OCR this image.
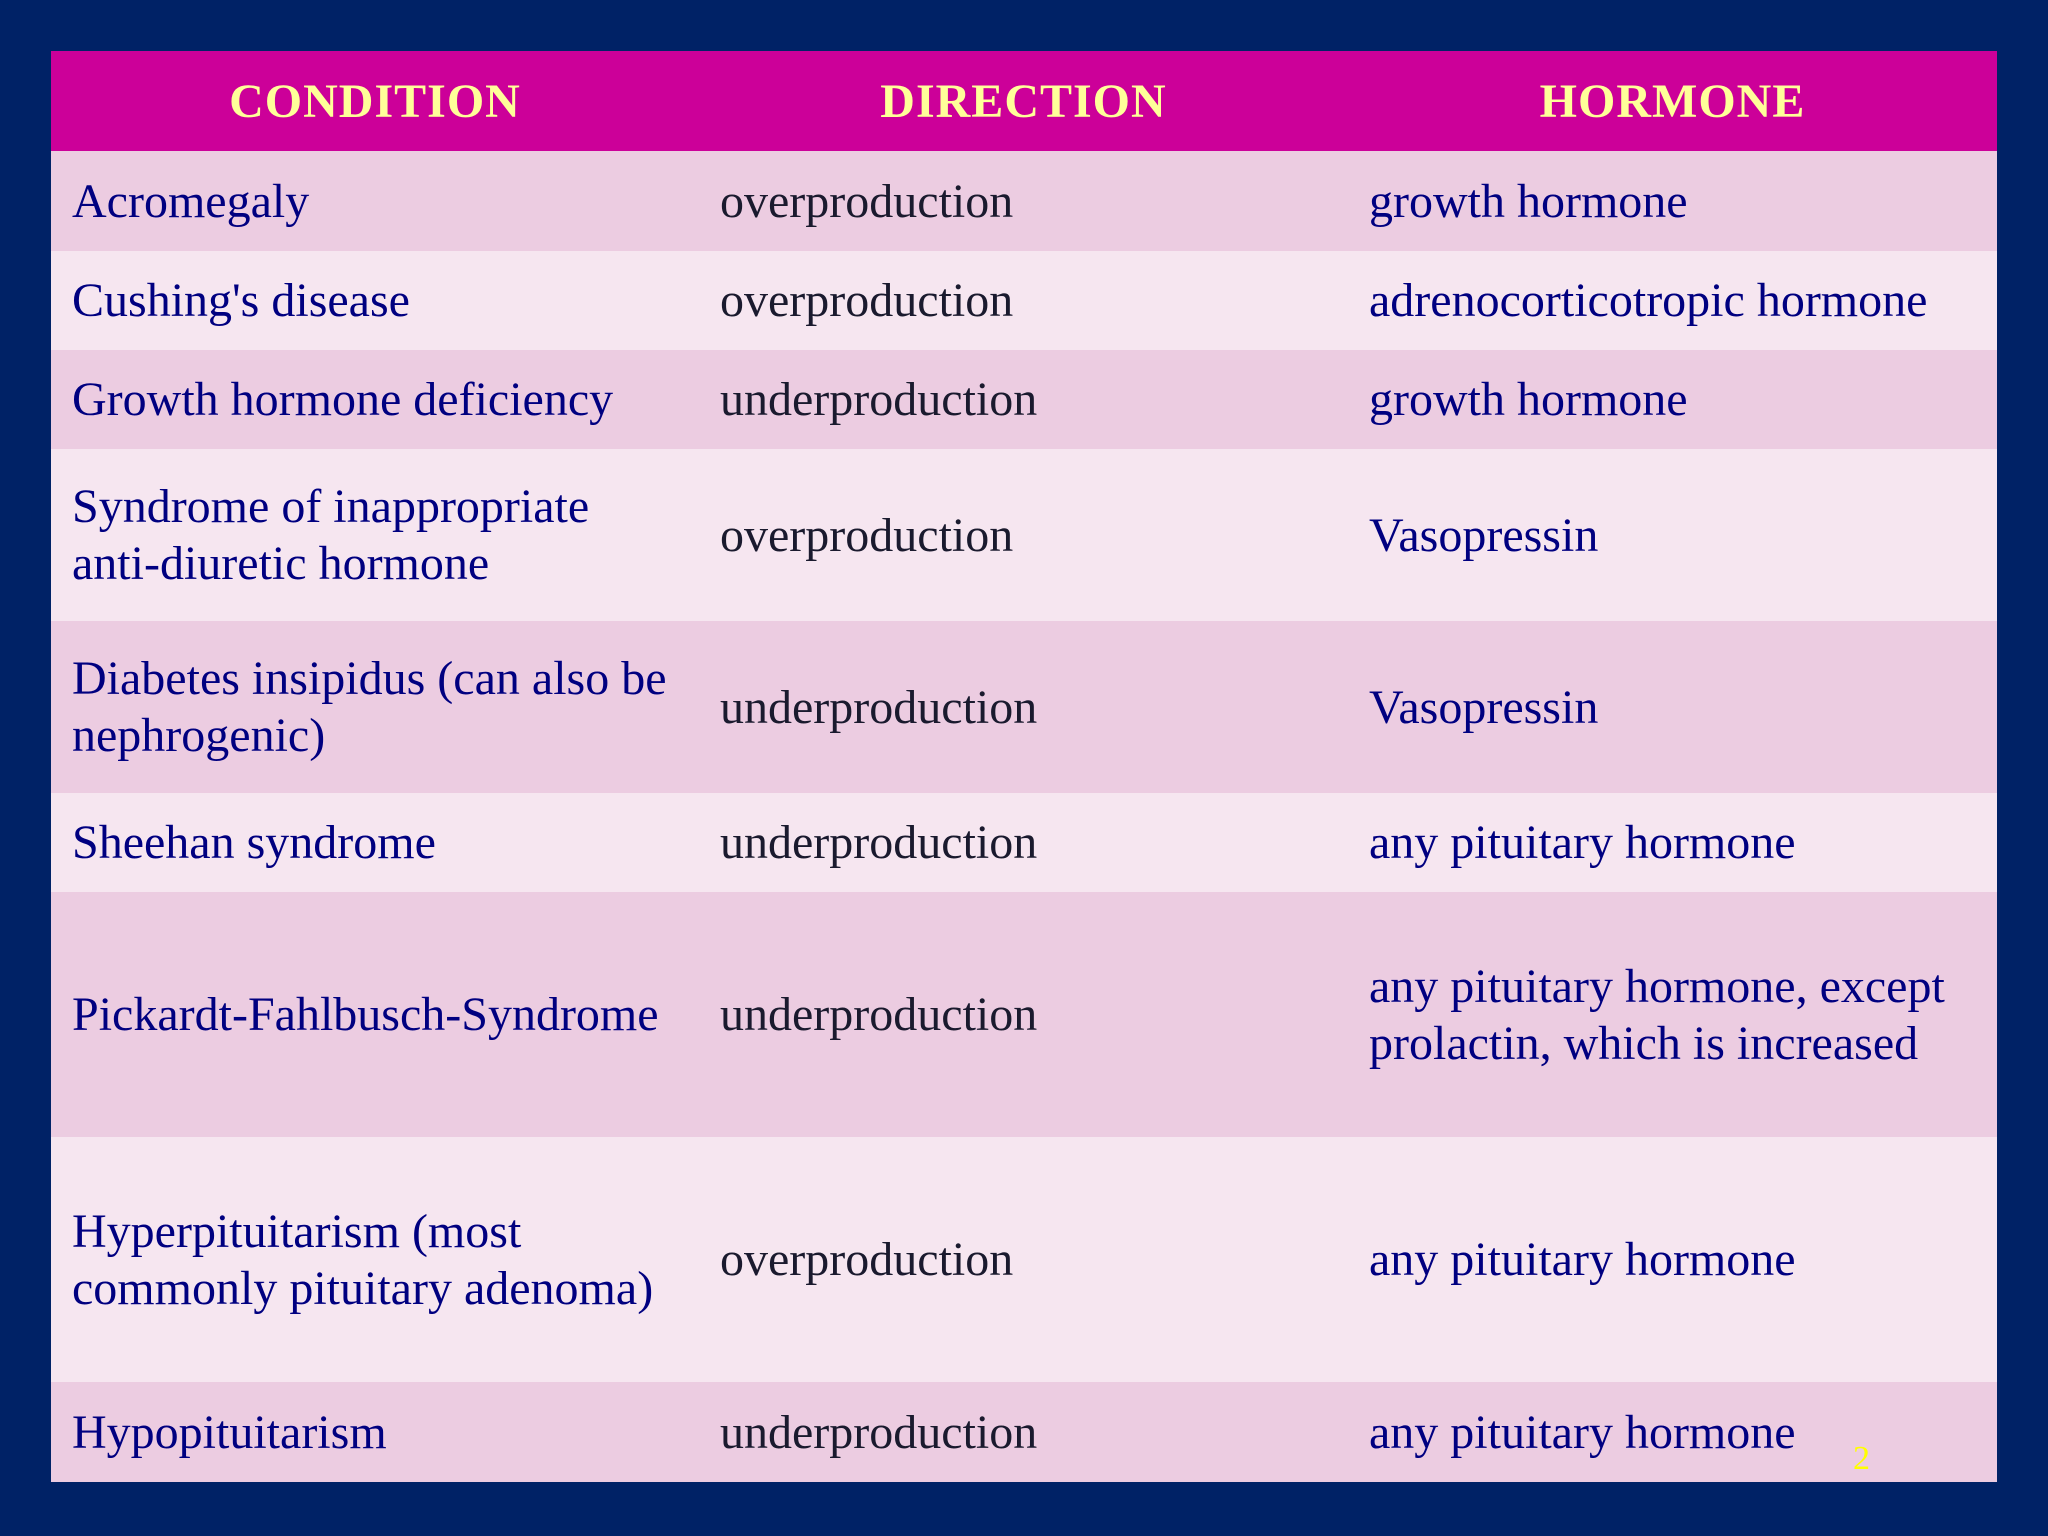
CONDITION	DIRECTION	HORMONE
Acromegaly	overproduction	growth hormone
Cushing's disease	overproduction	adrenocorticotropic hormone
Growth hormone deficiency	underproduction	growth hormone
Syndrome of inappropriate anti-diuretic hormone	overproduction	Vasopressin
Diabetes insipidus (can also be nephrogenic)	underproduction	Vasopressin
Sheehan syndrome	underproduction	any pituitary hormone
Pickardt-Fahlbusch-Syndrome	underproduction	any pituitary hormone, except prolactin, which is increased
Hyperpituitarism (most commonly pituitary adenoma)	overproduction	any pituitary hormone
Hypopituitarism	underproduction	any pituitary hormone 2
